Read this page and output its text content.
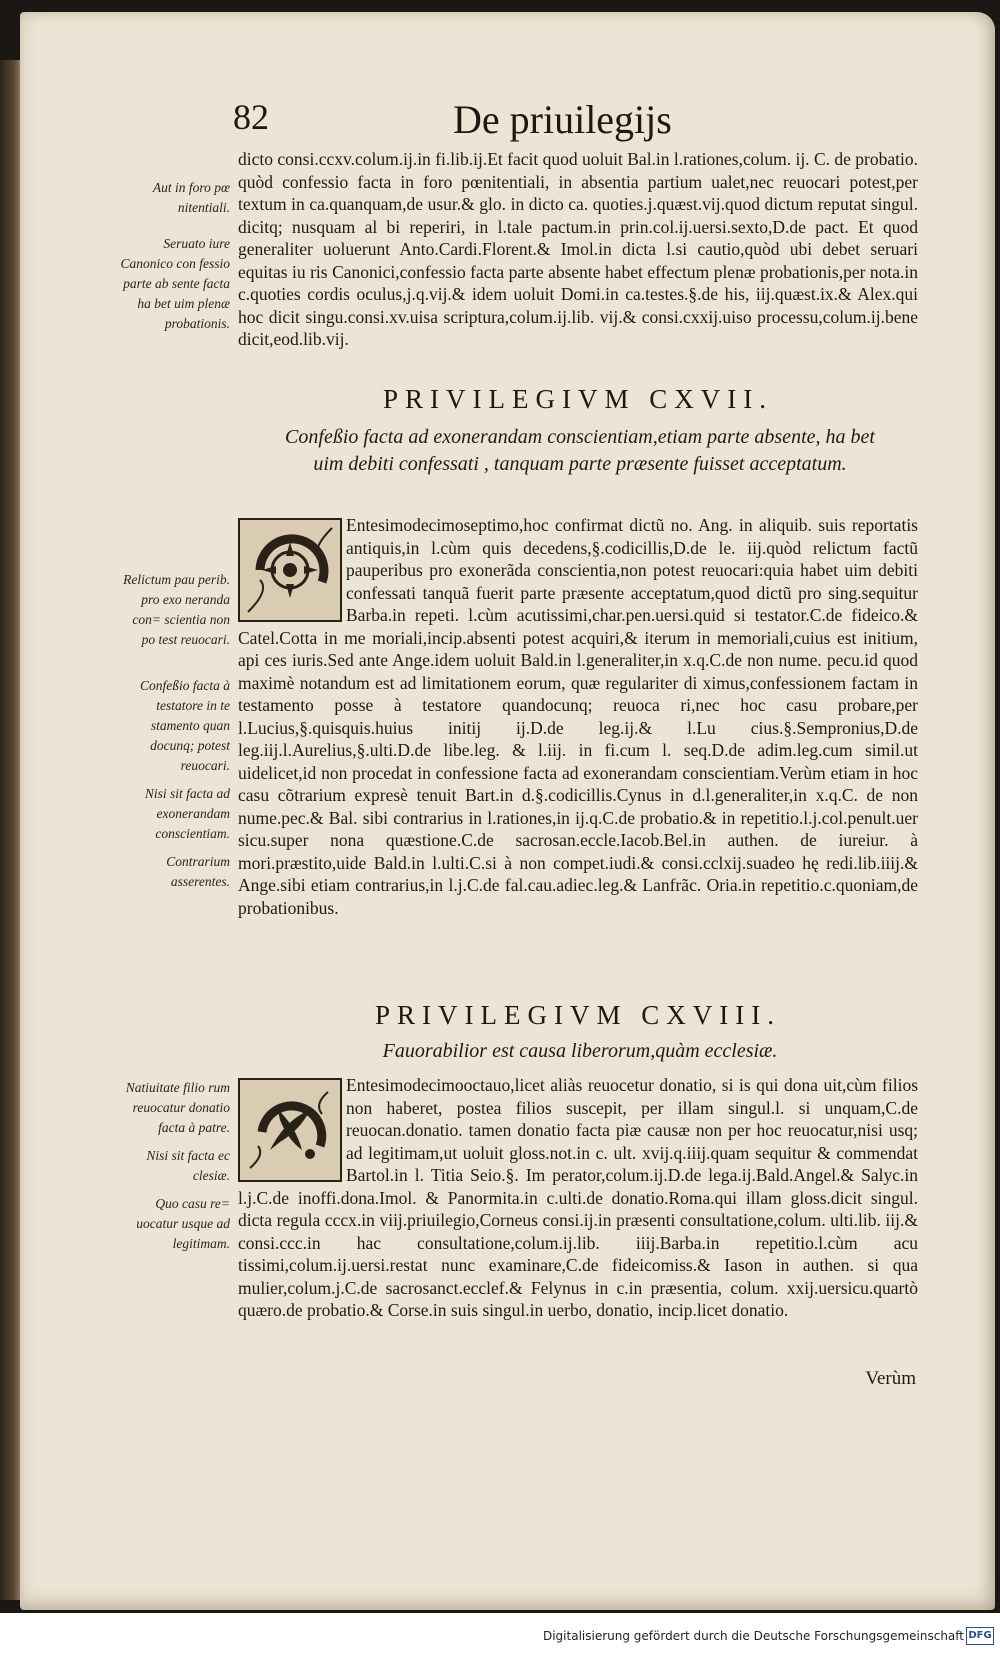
82	De priuilegijs
dicto consi.ccxv.colum.ij.in fi.lib.ij.Et facit quod uoluit Bal.in l.rationes,colum. ij. C. de probatio. quòd confessio facta in foro pœnitentiali, in absentia partium ualet,nec reuocari potest,per textum in ca.quanquam,de usur.& glo. in dicto ca. quoties.j.quæst.vij.quod dictum reputat singul. dicitq; nusquam al bi reperiri, in l.tale pactum.in prin.col.ij.uersi.sexto,D.de pact. Et quod generaliter uoluerunt Anto.Cardi.Florent.& Imol.in dicta l.si cautio,quòd ubi debet seruari equitas iu ris Canonici,confessio facta parte absente habet effectum plenæ probationis,per nota.in c.quoties cordis oculus,j.q.vij.& idem uoluit Domi.in ca.testes.§.de his, iij.quæst.ix.& Alex.qui hoc dicit singu.consi.xv.uisa scriptura,colum.ij.lib. vij.& consi.cxxij.uiso processu,colum.ij.bene dicit,eod.lib.vij.
Aut in foro pœ nitentiali.
Seruato iure Canonico con fessio parte ab sente facta ha bet uim plenæ probationis.
PRIVILEGIVM CXVII.
Confeßio facta ad exonerandam conscientiam,etiam parte absente, ha bet uim debiti confessati , tanquam parte præsente fuisset acceptatum.
Entesimodecimoseptimo,hoc confirmat dictũ no. Ang. in aliquib. suis reportatis antiquis,in l.cùm quis decedens,§.codicillis,D.de le. iij.quòd relictum factũ pauperibus pro exonerãda conscientia,non potest reuocari:quia habet uim debiti confessati tanquã fuerit parte præsente acceptatum,quod dictũ pro sing.sequitur Barba.in repeti. l.cùm acutissimi,char.pen.uersi.quid si testator.C.de fideico.& Catel.Cotta in me moriali,incip.absenti potest acquiri,& iterum in memoriali,cuius est initium, api ces iuris.Sed ante Ange.idem uoluit Bald.in l.generaliter,in x.q.C.de non nume. pecu.id quod maximè notandum est ad limitationem eorum, quæ regulariter di ximus,confessionem factam in testamento posse à testatore quandocunq; reuoca ri,nec hoc casu probare,per l.Lucius,§.quisquis.huius initij ij.D.de leg.ij.& l.Lu cius.§.Sempronius,D.de leg.iij.l.Aurelius,§.ulti.D.de libe.leg. & l.iij. in fi.cum l. seq.D.de adim.leg.cum simil.ut uidelicet,id non procedat in confessione facta ad exonerandam conscientiam.Verùm etiam in hoc casu cõtrarium expresè tenuit Bart.in d.§.codicillis.Cynus in d.l.generaliter,in x.q.C. de non nume.pec.& Bal. sibi contrarius in l.rationes,in ij.q.C.de probatio.& in repetitio.l.j.col.penult.uer sicu.super nona quæstione.C.de sacrosan.eccle.Iacob.Bel.in authen. de iureiur. à mori.præstito,uide Bald.in l.ulti.C.si à non compet.iudi.& consi.cclxij.suadeo hę redi.lib.iiij.& Ange.sibi etiam contrarius,in l.j.C.de fal.cau.adiec.leg.& Lanfrãc. Oria.in repetitio.c.quoniam,de probationibus.
Relictum pau perib. pro exo neranda con= scientia non po test reuocari.
Confeßio facta à testatore in te stamento quan docunq; potest reuocari.
Nisi sit facta ad exonerandam conscientiam.
Contrarium asserentes.
PRIVILEGIVM CXVIII.
Fauorabilior est causa liberorum,quàm ecclesiæ.
Entesimodecimooctauo,licet aliàs reuocetur donatio, si is qui dona uit,cùm filios non haberet, postea filios suscepit, per illam singul.l. si unquam,C.de reuocan.donatio. tamen donatio facta piæ causæ non per hoc reuocatur,nisi usq; ad legitimam,ut uoluit gloss.not.in c. ult. xvij.q.iiij.quam sequitur & commendat Bartol.in l. Titia Seio.§. Im perator,colum.ij.D.de lega.ij.Bald.Angel.& Salyc.in l.j.C.de inoffi.dona.Imol. & Panormita.in c.ulti.de donatio.Roma.qui illam gloss.dicit singul. dicta regula cccx.in viij.priuilegio,Corneus consi.ij.in præsenti consultatione,colum. ulti.lib. iij.& consi.ccc.in hac consultatione,colum.ij.lib. iiij.Barba.in repetitio.l.cùm acu tissimi,colum.ij.uersi.restat nunc examinare,C.de fideicomiss.& Iason in authen. si qua mulier,colum.j.C.de sacrosanct.ecclef.& Felynus in c.in præsentia, colum. xxij.uersicu.quartò quæro.de probatio.& Corse.in suis singul.in uerbo, donatio, incip.licet donatio.
Natiuitate filio rum reuocatur donatio facta à patre.
Nisi sit facta ec clesiæ.
Quo casu re= uocatur usque ad legitimam.
Verùm
Digitalisierung gefördert durch die Deutsche Forschungsgemeinschaft DFG
